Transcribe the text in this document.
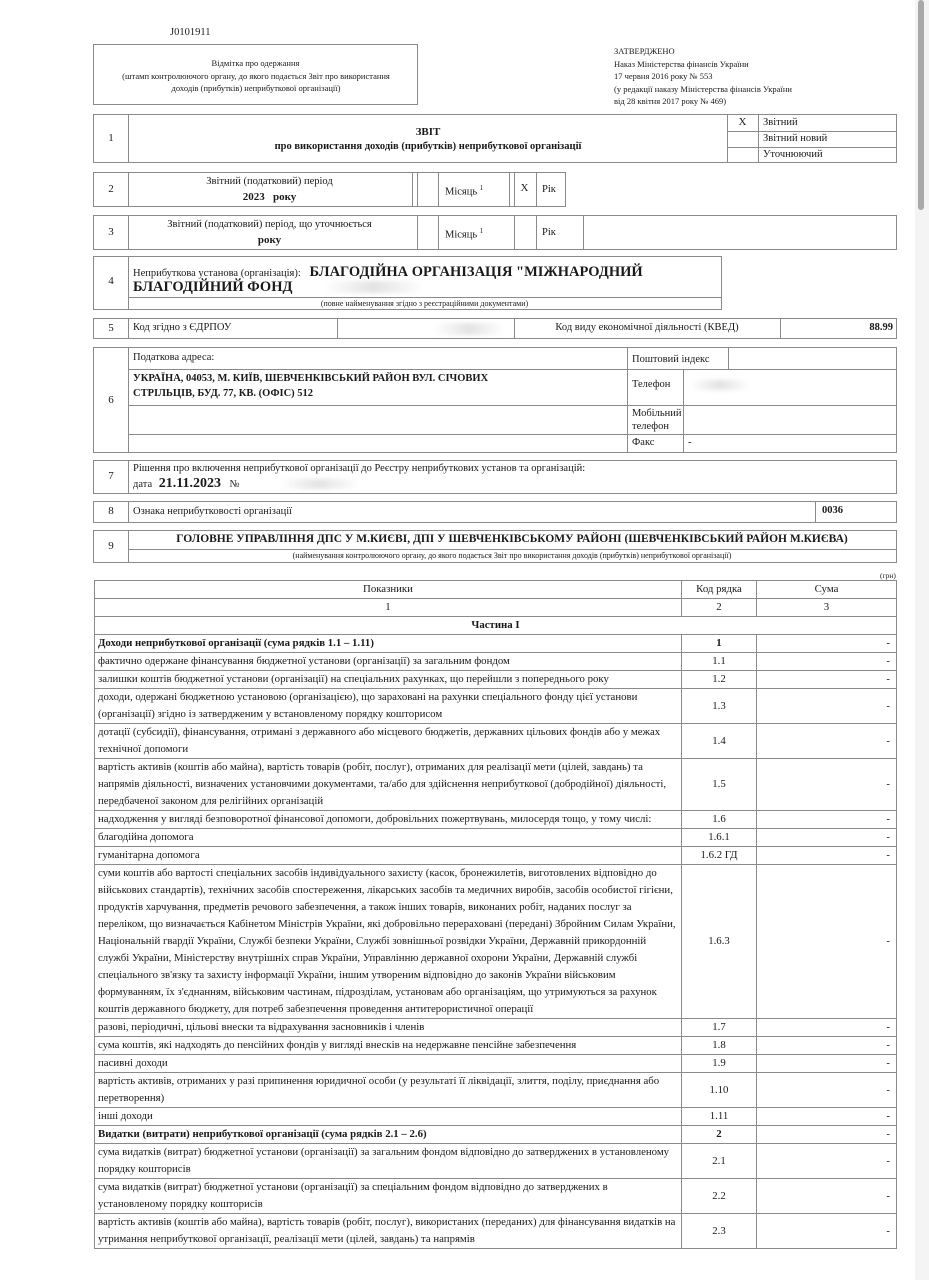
J0101911
Відмітка про одержання
(штамп контролюючого органу, до якого подається Звіт про використання доходів (прибутків) неприбуткової організації)
ЗАТВЕРДЖЕНО
Наказ Міністерства фінансів України
17 червня 2016 року № 553
(у редакції наказу Міністерства фінансів України
від 28 квітня 2017 року № 469)
1	ЗВІТ
про використання доходів (прибутків) неприбуткової організації
X	Звітний
Звітний новий
Уточнюючий
2
Звітний (податковий) період
2023 року	Місяць $^1$	X	Рік
3
Звітний (податковий) період, що уточнюється
року	Місяць $^1$	Рік
4
Неприбуткова установа (організація): БЛАГОДІЙНА ОРГАНІЗАЦІЯ "МІЖНАРОДНИЙ
БЛАГОДІЙНИЙ ФОНД
(повне найменування згідно з реєстраційними документами)
5	Код згідно з ЄДРПОУ	Код виду економічної діяльності (КВЕД)	88.99
6
Податкова адреса:
УКРАЇНА, 04053, М. КИЇВ, ШЕВЧЕНКІВСЬКИЙ РАЙОН ВУЛ. СІЧОВИХ
СТРІЛЬЦІВ, БУД. 77, КВ. (ОФІС) 512
Поштовий індекс
Телефон
Мобільний
телефон
Факс	-
7
Рішення про включення неприбуткової організації до Реєстру неприбуткових установ та організацій:
дата 21.11.2023 №
8	Ознака неприбутковості організації	0036
9
ГОЛОВНЕ УПРАВЛІННЯ ДПС У М.КИЄВІ, ДПІ У ШЕВЧЕНКІВСЬКОМУ РАЙОНІ (ШЕВЧЕНКІВСЬКИЙ РАЙОН М.КИЄВА)
(найменування контролюючого органу, до якого подається Звіт про використання доходів (прибутків) неприбуткової організації)
(грн)
Показники	Код рядка	Сума
1	2	3
Частина I		
Доходи неприбуткової організації (сума рядків 1.1 – 1.11)	1	-
фактично одержане фінансування бюджетної установи (організації) за загальним фондом	1.1	-
залишки коштів бюджетної установи (організації) на спеціальних рахунках, що перейшли з попереднього року	1.2	-
доходи, одержані бюджетною установою (організацією), що зараховані на рахунки спеціального фонду цієї установи (організації) згідно із затвердженим у встановленому порядку кошторисом	1.3	-
дотації (субсидії), фінансування, отримані з державного або місцевого бюджетів, державних цільових фондів або у межах технічної допомоги	1.4	-
вартість активів (коштів або майна), вартість товарів (робіт, послуг), отриманих для реалізації мети (цілей, завдань) та напрямів діяльності, визначених установчими документами, та/або для здійснення неприбуткової (добродійної) діяльності, передбаченої законом для релігійних організацій	1.5	-
надходження у вигляді безповоротної фінансової допомоги, добровільних пожертвувань, милосердя тощо, у тому числі:	1.6	-
благодійна допомога	1.6.1	-
гуманітарна допомога	1.6.2 ГД	-
суми коштів або вартості спеціальних засобів індивідуального захисту (касок, бронежилетів, виготовлених відповідно до військових стандартів), технічних засобів спостереження, лікарських засобів та медичних виробів, засобів особистої гігієни, продуктів харчування, предметів речового забезпечення, а також інших товарів, виконаних робіт, наданих послуг за переліком, що визначається Кабінетом Міністрів України, які добровільно перераховані (передані) Збройним Силам України, Національній гвардії України, Службі безпеки України, Службі зовнішньої розвідки України, Державній прикордонній службі України, Міністерству внутрішніх справ України, Управлінню державної охорони України, Державній службі спеціального зв'язку та захисту інформації України, іншим утвореним відповідно до законів України військовим формуванням, їх з'єднанням, військовим частинам, підрозділам, установам або організаціям, що утримуються за рахунок коштів державного бюджету, для потреб забезпечення проведення антитерористичної операції	1.6.3	-
разові, періодичні, цільові внески та відрахування засновників і членів	1.7	-
сума коштів, які надходять до пенсійних фондів у вигляді внесків на недержавне пенсійне забезпечення	1.8	-
пасивні доходи	1.9	-
вартість активів, отриманих у разі припинення юридичної особи (у результаті її ліквідації, злиття, поділу, приєднання або перетворення)	1.10	-
інші доходи	1.11	-
Видатки (витрати) неприбуткової організації (сума рядків 2.1 – 2.6)	2	-
сума видатків (витрат) бюджетної установи (організації) за загальним фондом відповідно до затверджених в установленому порядку кошторисів	2.1	-
сума видатків (витрат) бюджетної установи (організації) за спеціальним фондом відповідно до затверджених в установленому порядку кошторисів	2.2	-
вартість активів (коштів або майна), вартість товарів (робіт, послуг), використаних (переданих) для фінансування видатків на утримання неприбуткової організації, реалізації мети (цілей, завдань) та напрямів	2.3	-
